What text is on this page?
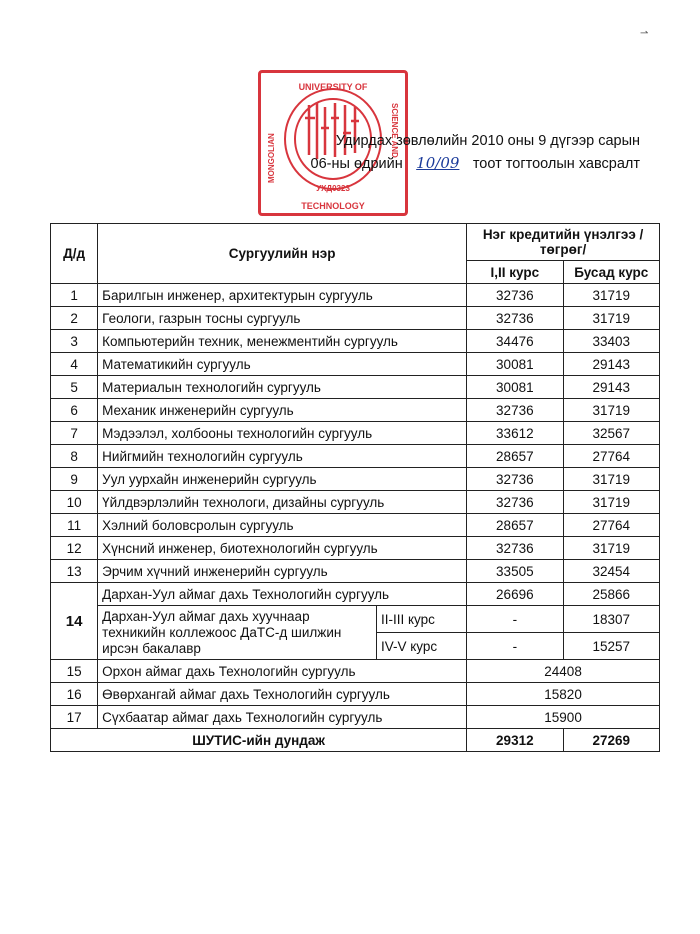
⇀
UNIVERSITY OF
TECHNOLOGY
УХД0323
MONGOLIAN
SCIENCE AND
Удирдах зөвлөлийн 2010 оны 9 дүгээр сарын
06-ны өдрийн 10/09 тоот тогтоолын хавсралт
Д/д	Сургуулийн нэр		Нэг кредитийн үнэлгээ /төгрөг/	
			I,II курс	Бусад курс
1	Барилгын инженер, архитектурын сургууль		32736	31719
2	Геологи, газрын тосны сургууль		32736	31719
3	Компьютерийн техник, менежментийн сургууль		34476	33403
4	Математикийн сургууль		30081	29143
5	Материалын технологийн сургууль		30081	29143
6	Механик инженерийн сургууль		32736	31719
7	Мэдээлэл, холбооны технологийн сургууль		33612	32567
8	Нийгмийн технологийн сургууль		28657	27764
9	Уул уурхайн инженерийн сургууль		32736	31719
10	Үйлдвэрлэлийн технологи, дизайны сургууль		32736	31719
11	Хэлний боловсролын сургууль		28657	27764
12	Хүнсний инженер, биотехнологийн сургууль		32736	31719
13	Эрчим хүчний инженерийн сургууль		33505	32454
14	Дархан-Уул аймаг дахь Технологийн сургууль		26696	25866
	Дархан-Уул аймаг дахь хуучнаар техникийн коллежоос ДаТС-д шилжин ирсэн бакалавр	II-III курс	-	18307
		IV-V курс	-	15257
15	Орхон аймаг дахь Технологийн сургууль		24408	
16	Өвөрхангай аймаг дахь Технологийн сургууль		15820	
17	Сүхбаатар аймаг дахь Технологийн сургууль		15900	
ШУТИС-ийн дундаж			29312	27269
